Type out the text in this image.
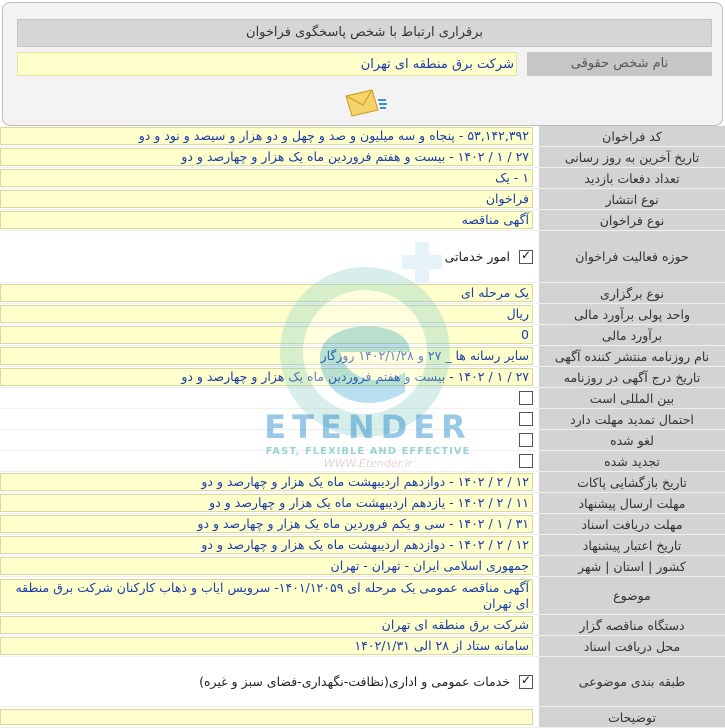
برقراری ارتباط با شخص پاسخگوی فراخوان
نام شخص حقوقی
شرکت برق منطقه ای تهران
کد فراخوان		۵۳,۱۴۲,۳۹۲ - پنجاه و سه میلیون و صد و چهل و دو هزار و سیصد و نود و دو

تاریخ آخرین به روز رسانی		۲۷ / ۱ / ۱۴۰۲ - بیست و هفتم فروردین ماه یک هزار و چهارصد و دو

تعداد دفعات بازدید		۱ - یک

نوع انتشار		فراخوان

نوع فراخوان		آگهی مناقصه

حوزه فعالیت فراخوان		✓امور خدماتی
نوع برگزاری		یک مرحله ای

واحد پولی برآورد مالی		ریال

برآورد مالی		0

نام روزنامه منتشر کننده آگهی		سایر رسانه ها _ ۲۷ و ۱۴۰۲/۱/۲۸ روزگار

تاریخ درج آگهی در روزنامه		۲۷ / ۱ / ۱۴۰۲ - بیست و هفتم فروردین ماه یک هزار و چهارصد و دو

بین المللی است		
احتمال تمدید مهلت دارد		
لغو شده		
تجدید شده		
تاریخ بازگشایی پاکات		۱۲ / ۲ / ۱۴۰۲ - دوازدهم اردیبهشت ماه یک هزار و چهارصد و دو

مهلت ارسال پیشنهاد		۱۱ / ۲ / ۱۴۰۲ - یازدهم اردیبهشت ماه یک هزار و چهارصد و دو

مهلت دریافت اسناد		۳۱ / ۱ / ۱۴۰۲ - سی و یکم فروردین ماه یک هزار و چهارصد و دو

تاریخ اعتبار پیشنهاد		۱۲ / ۲ / ۱۴۰۲ - دوازدهم اردیبهشت ماه یک هزار و چهارصد و دو

کشور | استان | شهر		جمهوری اسلامی ایران - تهران - تهران

موضوع		آگهی مناقصه عمومی یک مرحله ای ۱۴۰۱/۱۲۰۵۹- سرویس ایاب و ذهاب کارکنان شرکت برق منطقه ای تهران

دستگاه مناقصه گزار		شرکت برق منطقه ای تهران

محل دریافت اسناد		سامانه ستاد از ۲۸ الی ۱۴۰۲/۱/۳۱

طبقه بندی موضوعی		✓خدمات عمومی و اداری(نظافت-نگهداری-فضای سبز و غیره)
توضیحات		
ETENDER
FAST, FLEXIBLE AND EFFECTIVE
WWW.Etender.ir
